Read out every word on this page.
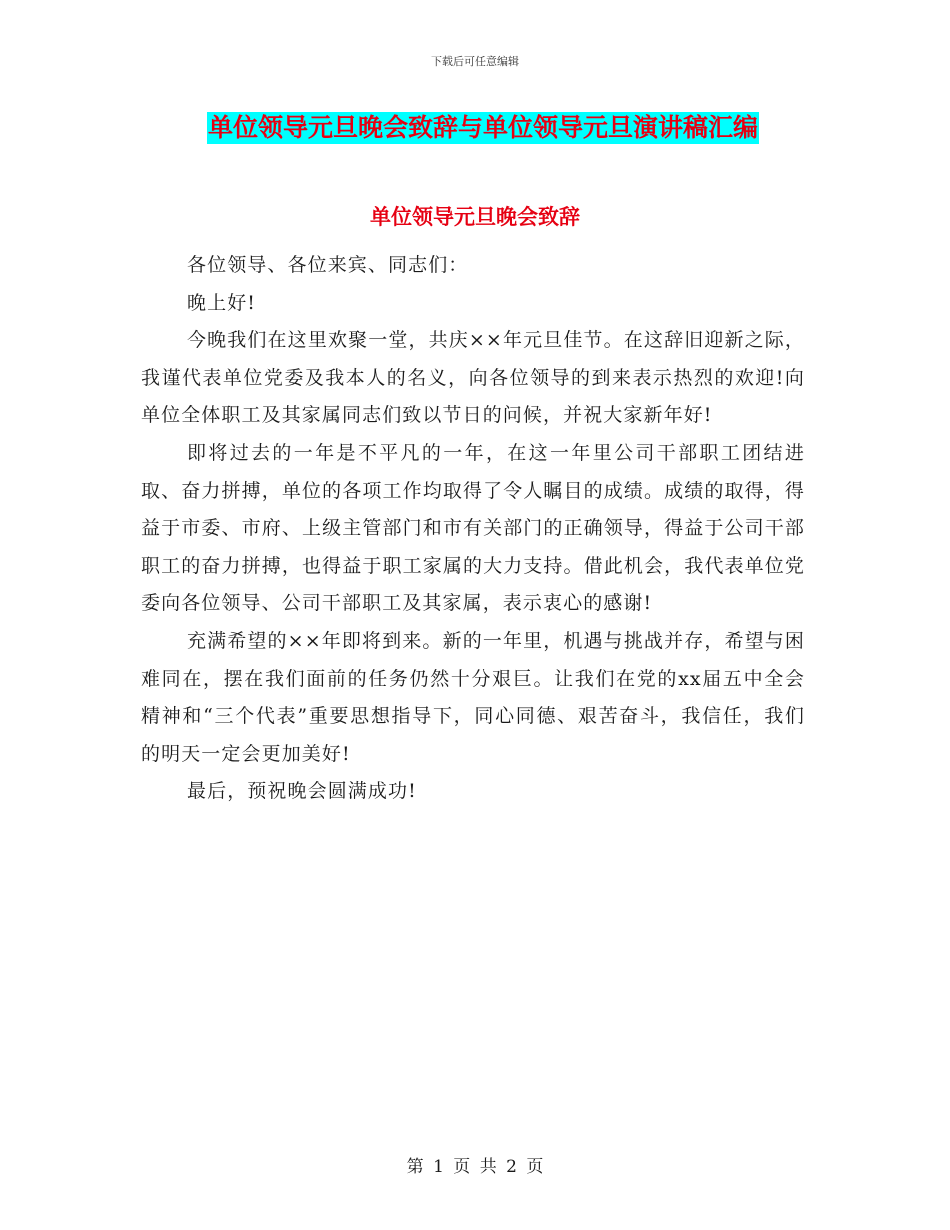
下载后可任意编辑
单位领导元旦晚会致辞与单位领导元旦演讲稿汇编
单位领导元旦晚会致辞

各位领导、各位来宾、同志们：

晚上好!

今晚我们在这里欢聚一堂，共庆××年元旦佳节。在这辞旧迎新之际，我谨代表单位党委及我本人的名义，向各位领导的到来表示热烈的欢迎!向单位全体职工及其家属同志们致以节日的问候，并祝大家新年好!

即将过去的一年是不平凡的一年，在这一年里公司干部职工团结进取、奋力拼搏，单位的各项工作均取得了令人瞩目的成绩。成绩的取得，得益于市委、市府、上级主管部门和市有关部门的正确领导，得益于公司干部职工的奋力拼搏，也得益于职工家属的大力支持。借此机会，我代表单位党委向各位领导、公司干部职工及其家属，表示衷心的感谢!

充满希望的××年即将到来。新的一年里，机遇与挑战并存，希望与困难同在，摆在我们面前的任务仍然十分艰巨。让我们在党的xx届五中全会精神和“三个代表”重要思想指导下，同心同德、艰苦奋斗，我信任，我们的明天一定会更加美好!

最后，预祝晚会圆满成功!

第 1 页 共 2 页
